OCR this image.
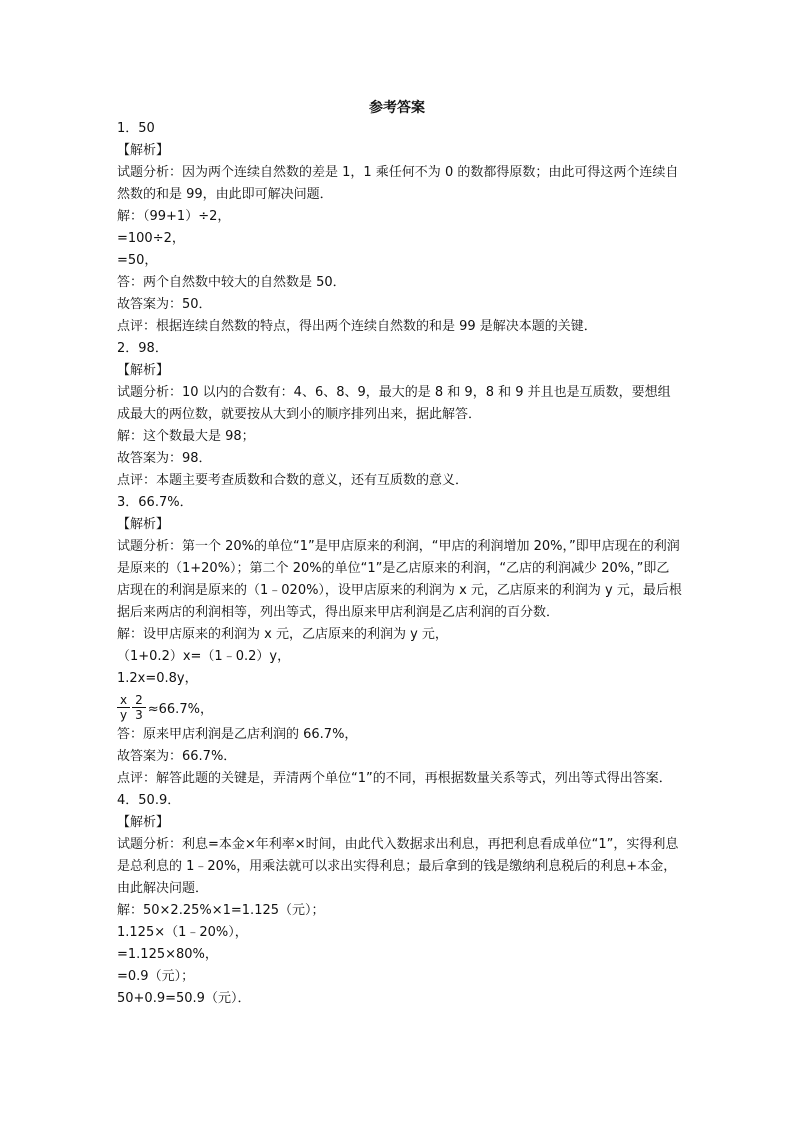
参考答案
1．50
【解析】
试题分析：因为两个连续自然数的差是 1，1 乘任何不为 0 的数都得原数；由此可得这两个连续自然数的和是 99，由此即可解决问题．
解：（99+1）÷2，
=100÷2，
=50，
答：两个自然数中较大的自然数是 50．
故答案为：50．
点评：根据连续自然数的特点，得出两个连续自然数的和是 99 是解决本题的关键．
2．98．
【解析】
试题分析：10 以内的合数有：4、6、8、9，最大的是 8 和 9，8 和 9 并且也是互质数，要想组成最大的两位数，就要按从大到小的顺序排列出来，据此解答．
解：这个数最大是 98；
故答案为：98．
点评：本题主要考查质数和合数的意义，还有互质数的意义．
3．66.7%．
【解析】
试题分析：第一个 20%的单位“1”是甲店原来的利润，“甲店的利润增加 20%，”即甲店现在的利润是原来的（1+20%）；第二个 20%的单位“1”是乙店原来的利润，“乙店的利润减少 20%，”即乙店现在的利润是原来的（1﹣020%），设甲店原来的利润为 x 元，乙店原来的利润为 y 元，最后根据后来两店的利润相等，列出等式，得出原来甲店利润是乙店利润的百分数．
解：设甲店原来的利润为 x 元，乙店原来的利润为 y 元，
（1+0.2）x=（1﹣0.2）y，
1.2x=0.8y，
$\frac{x}{y} \frac{2}{3} \approx 66.7\%$，
答：原来甲店利润是乙店利润的 66.7%，
故答案为：66.7%．
点评：解答此题的关键是，弄清两个单位“1”的不同，再根据数量关系等式，列出等式得出答案．
4．50.9．
【解析】
试题分析：利息=本金×年利率×时间，由此代入数据求出利息，再把利息看成单位“1”，实得利息是总利息的 1﹣20%，用乘法就可以求出实得利息；最后拿到的钱是缴纳利息税后的利息+本金，由此解决问题．
解：50×2.25%×1=1.125（元）；
1.125×（1﹣20%），
=1.125×80%，
=0.9（元）；
50+0.9=50.9（元）．
